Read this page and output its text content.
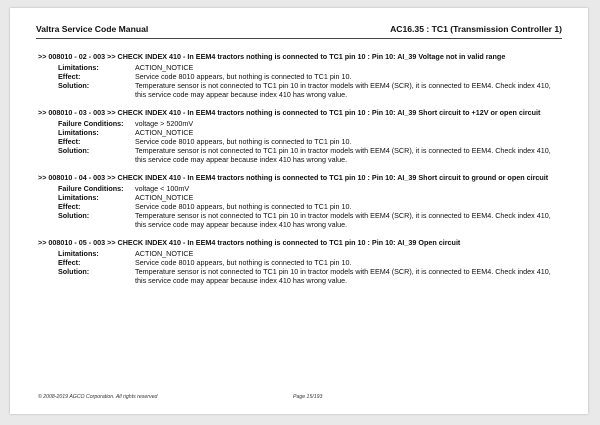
Valtra Service Code Manual	AC16.35 : TC1 (Transmission Controller 1)
>> 008010 - 02 - 003 >> CHECK INDEX 410 - In EEM4 tractors nothing is connected to TC1 pin 10 : Pin 10: AI_39 Voltage not in valid range
Limitations:	ACTION_NOTICE
Effect:	Service code 8010 appears, but nothing is connected to TC1 pin 10.
Solution:	Temperature sensor is not connected to TC1 pin 10 in tractor models with EEM4 (SCR), it is connected to EEM4. Check index 410, this service code may appear because index 410 has wrong value.
>> 008010 - 03 - 003 >> CHECK INDEX 410 - In EEM4 tractors nothing is connected to TC1 pin 10 : Pin 10: AI_39 Short circuit to +12V or open circuit
Failure Conditions:	voltage > 5200mV
Limitations:	ACTION_NOTICE
Effect:	Service code 8010 appears, but nothing is connected to TC1 pin 10.
Solution:	Temperature sensor is not connected to TC1 pin 10 in tractor models with EEM4 (SCR), it is connected to EEM4. Check index 410, this service code may appear because index 410 has wrong value.
>> 008010 - 04 - 003 >> CHECK INDEX 410 - In EEM4 tractors nothing is connected to TC1 pin 10 : Pin 10: AI_39 Short circuit to ground or open circuit
Failure Conditions:	voltage < 100mV
Limitations:	ACTION_NOTICE
Effect:	Service code 8010 appears, but nothing is connected to TC1 pin 10.
Solution:	Temperature sensor is not connected to TC1 pin 10 in tractor models with EEM4 (SCR), it is connected to EEM4. Check index 410, this service code may appear because index 410 has wrong value.
>> 008010 - 05 - 003 >> CHECK INDEX 410 - In EEM4 tractors nothing is connected to TC1 pin 10 : Pin 10: AI_39 Open circuit
Limitations:	ACTION_NOTICE
Effect:	Service code 8010 appears, but nothing is connected to TC1 pin 10.
Solution:	Temperature sensor is not connected to TC1 pin 10 in tractor models with EEM4 (SCR), it is connected to EEM4. Check index 410, this service code may appear because index 410 has wrong value.
© 2008-2019 AGCO Corporation. All rights reserved	Page 15/193
